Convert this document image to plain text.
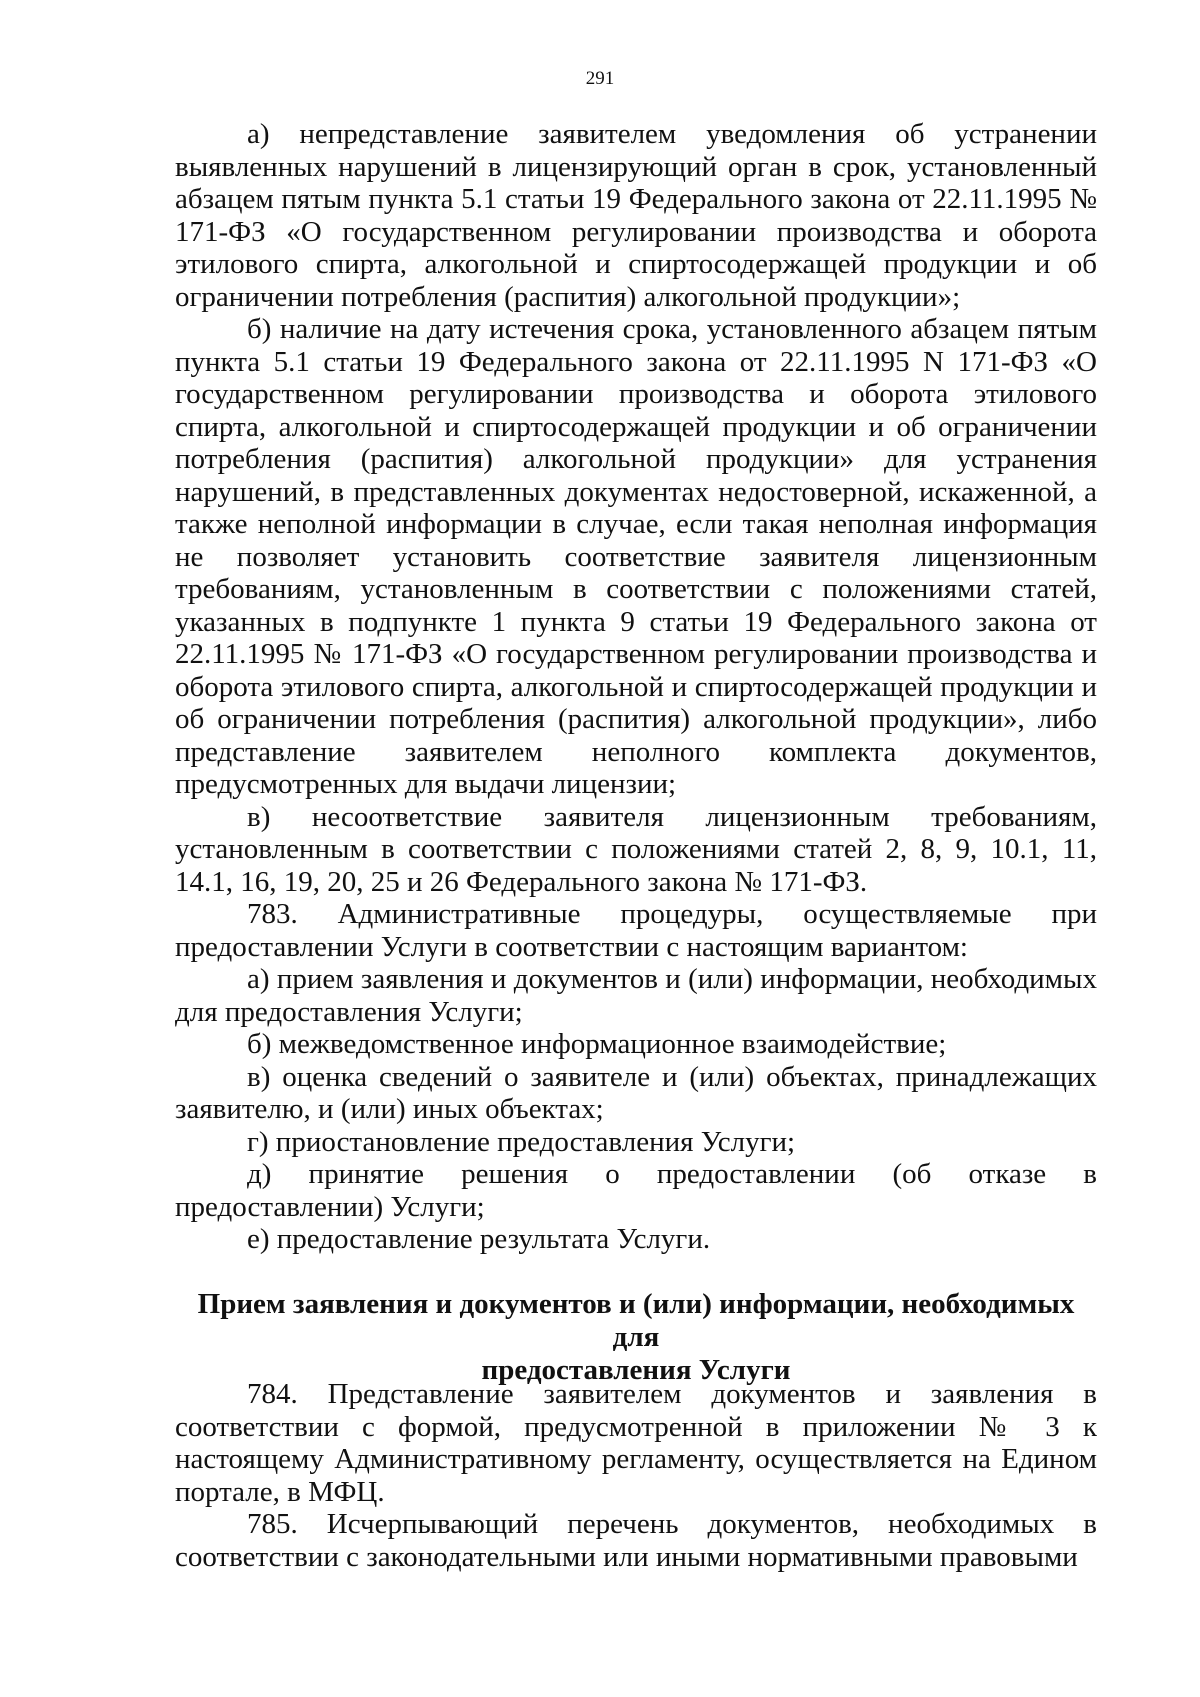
291

а) непредставление заявителем уведомления об устранении выявленных нарушений в лицензирующий орган в срок, установленный абзацем пятым пункта 5.1 статьи 19 Федерального закона от 22.11.1995 № 171-ФЗ «О государственном регулировании производства и оборота этилового спирта, алкогольной и спиртосодержащей продукции и об ограничении потребления (распития) алкогольной продукции»;

б) наличие на дату истечения срока, установленного абзацем пятым пункта 5.1 статьи 19 Федерального закона от 22.11.1995 N 171-ФЗ «О государственном регулировании производства и оборота этилового спирта, алкогольной и спиртосодержащей продукции и об ограничении потребления (распития) алкогольной продукции» для устранения нарушений, в представленных документах недостоверной, искаженной, а также неполной информации в случае, если такая неполная информация не позволяет установить соответствие заявителя лицензионным требованиям, установленным в соответствии с положениями статей, указанных в подпункте 1 пункта 9 статьи 19 Федерального закона от 22.11.1995 № 171-ФЗ «О государственном регулировании производства и оборота этилового спирта, алкогольной и спиртосодержащей продукции и об ограничении потребления (распития) алкогольной продукции», либо представление заявителем неполного комплекта документов, предусмотренных для выдачи лицензии;

в) несоответствие заявителя лицензионным требованиям, установленным в соответствии с положениями статей 2, 8, 9, 10.1, 11, 14.1, 16, 19, 20, 25 и 26 Федерального закона № 171-ФЗ.

783. Административные процедуры, осуществляемые при предоставлении Услуги в соответствии с настоящим вариантом:

а) прием заявления и документов и (или) информации, необходимых для предоставления Услуги;

б) межведомственное информационное взаимодействие;

в) оценка сведений о заявителе и (или) объектах, принадлежащих заявителю, и (или) иных объектах;

г) приостановление предоставления Услуги;

д) принятие решения о предоставлении (об отказе в предоставлении) Услуги;

е) предоставление результата Услуги.

Прием заявления и документов и (или) информации, необходимых для
предоставления Услуги

784. Представление заявителем документов и заявления в соответствии с формой, предусмотренной в приложении № 3 к настоящему Административному регламенту, осуществляется на Едином портале, в МФЦ.

785. Исчерпывающий перечень документов, необходимых в соответствии с законодательными или иными нормативными правовыми
